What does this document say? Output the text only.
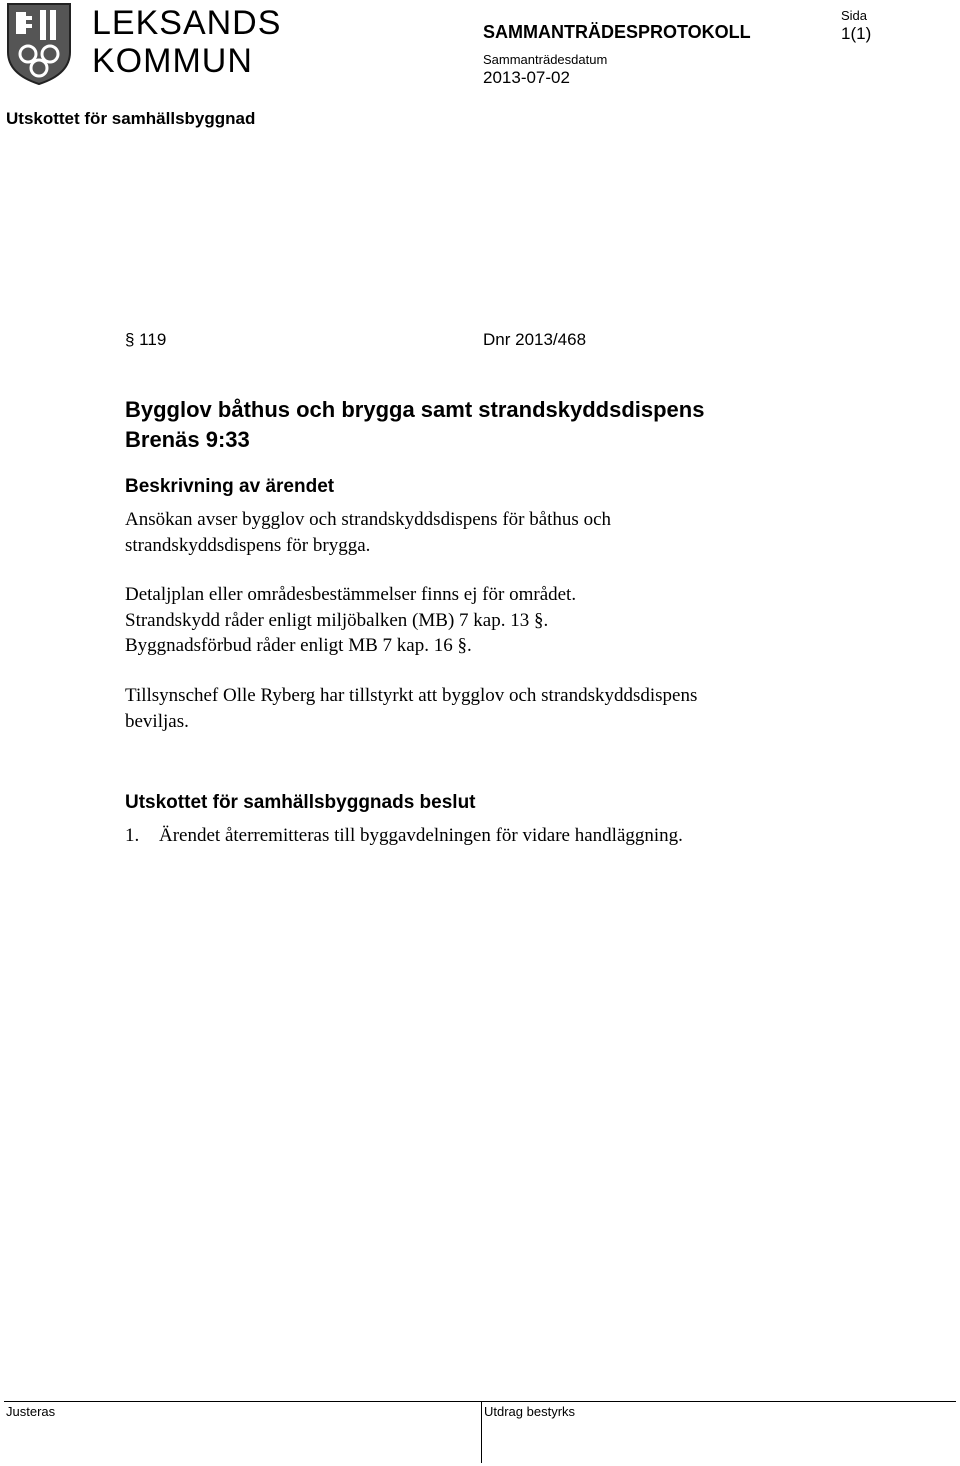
LEKSANDS
KOMMUN
SAMMANTRÄDESPROTOKOLL
Sida
1(1)
Sammanträdesdatum
2013-07-02
Utskottet för samhällsbyggnad
§ 119	Dnr 2013/468
Bygglov båthus och brygga samt strandskyddsdispens
Brenäs 9:33
Beskrivning av ärendet

Ansökan avser bygglov och strandskyddsdispens för båthus och

strandskyddsdispens för brygga.

Detaljplan eller områdesbestämmelser finns ej för området.

Strandskydd råder enligt miljöbalken (MB) 7 kap. 13 §.

Byggnadsförbud råder enligt MB 7 kap. 16 §.

Tillsynschef Olle Ryberg har tillstyrkt att bygglov och strandskyddsdispens

beviljas.

Utskottet för samhällsbyggnads beslut
1. Ärendet återremitteras till byggavdelningen för vidare handläggning.
Justeras	Utdrag bestyrks
